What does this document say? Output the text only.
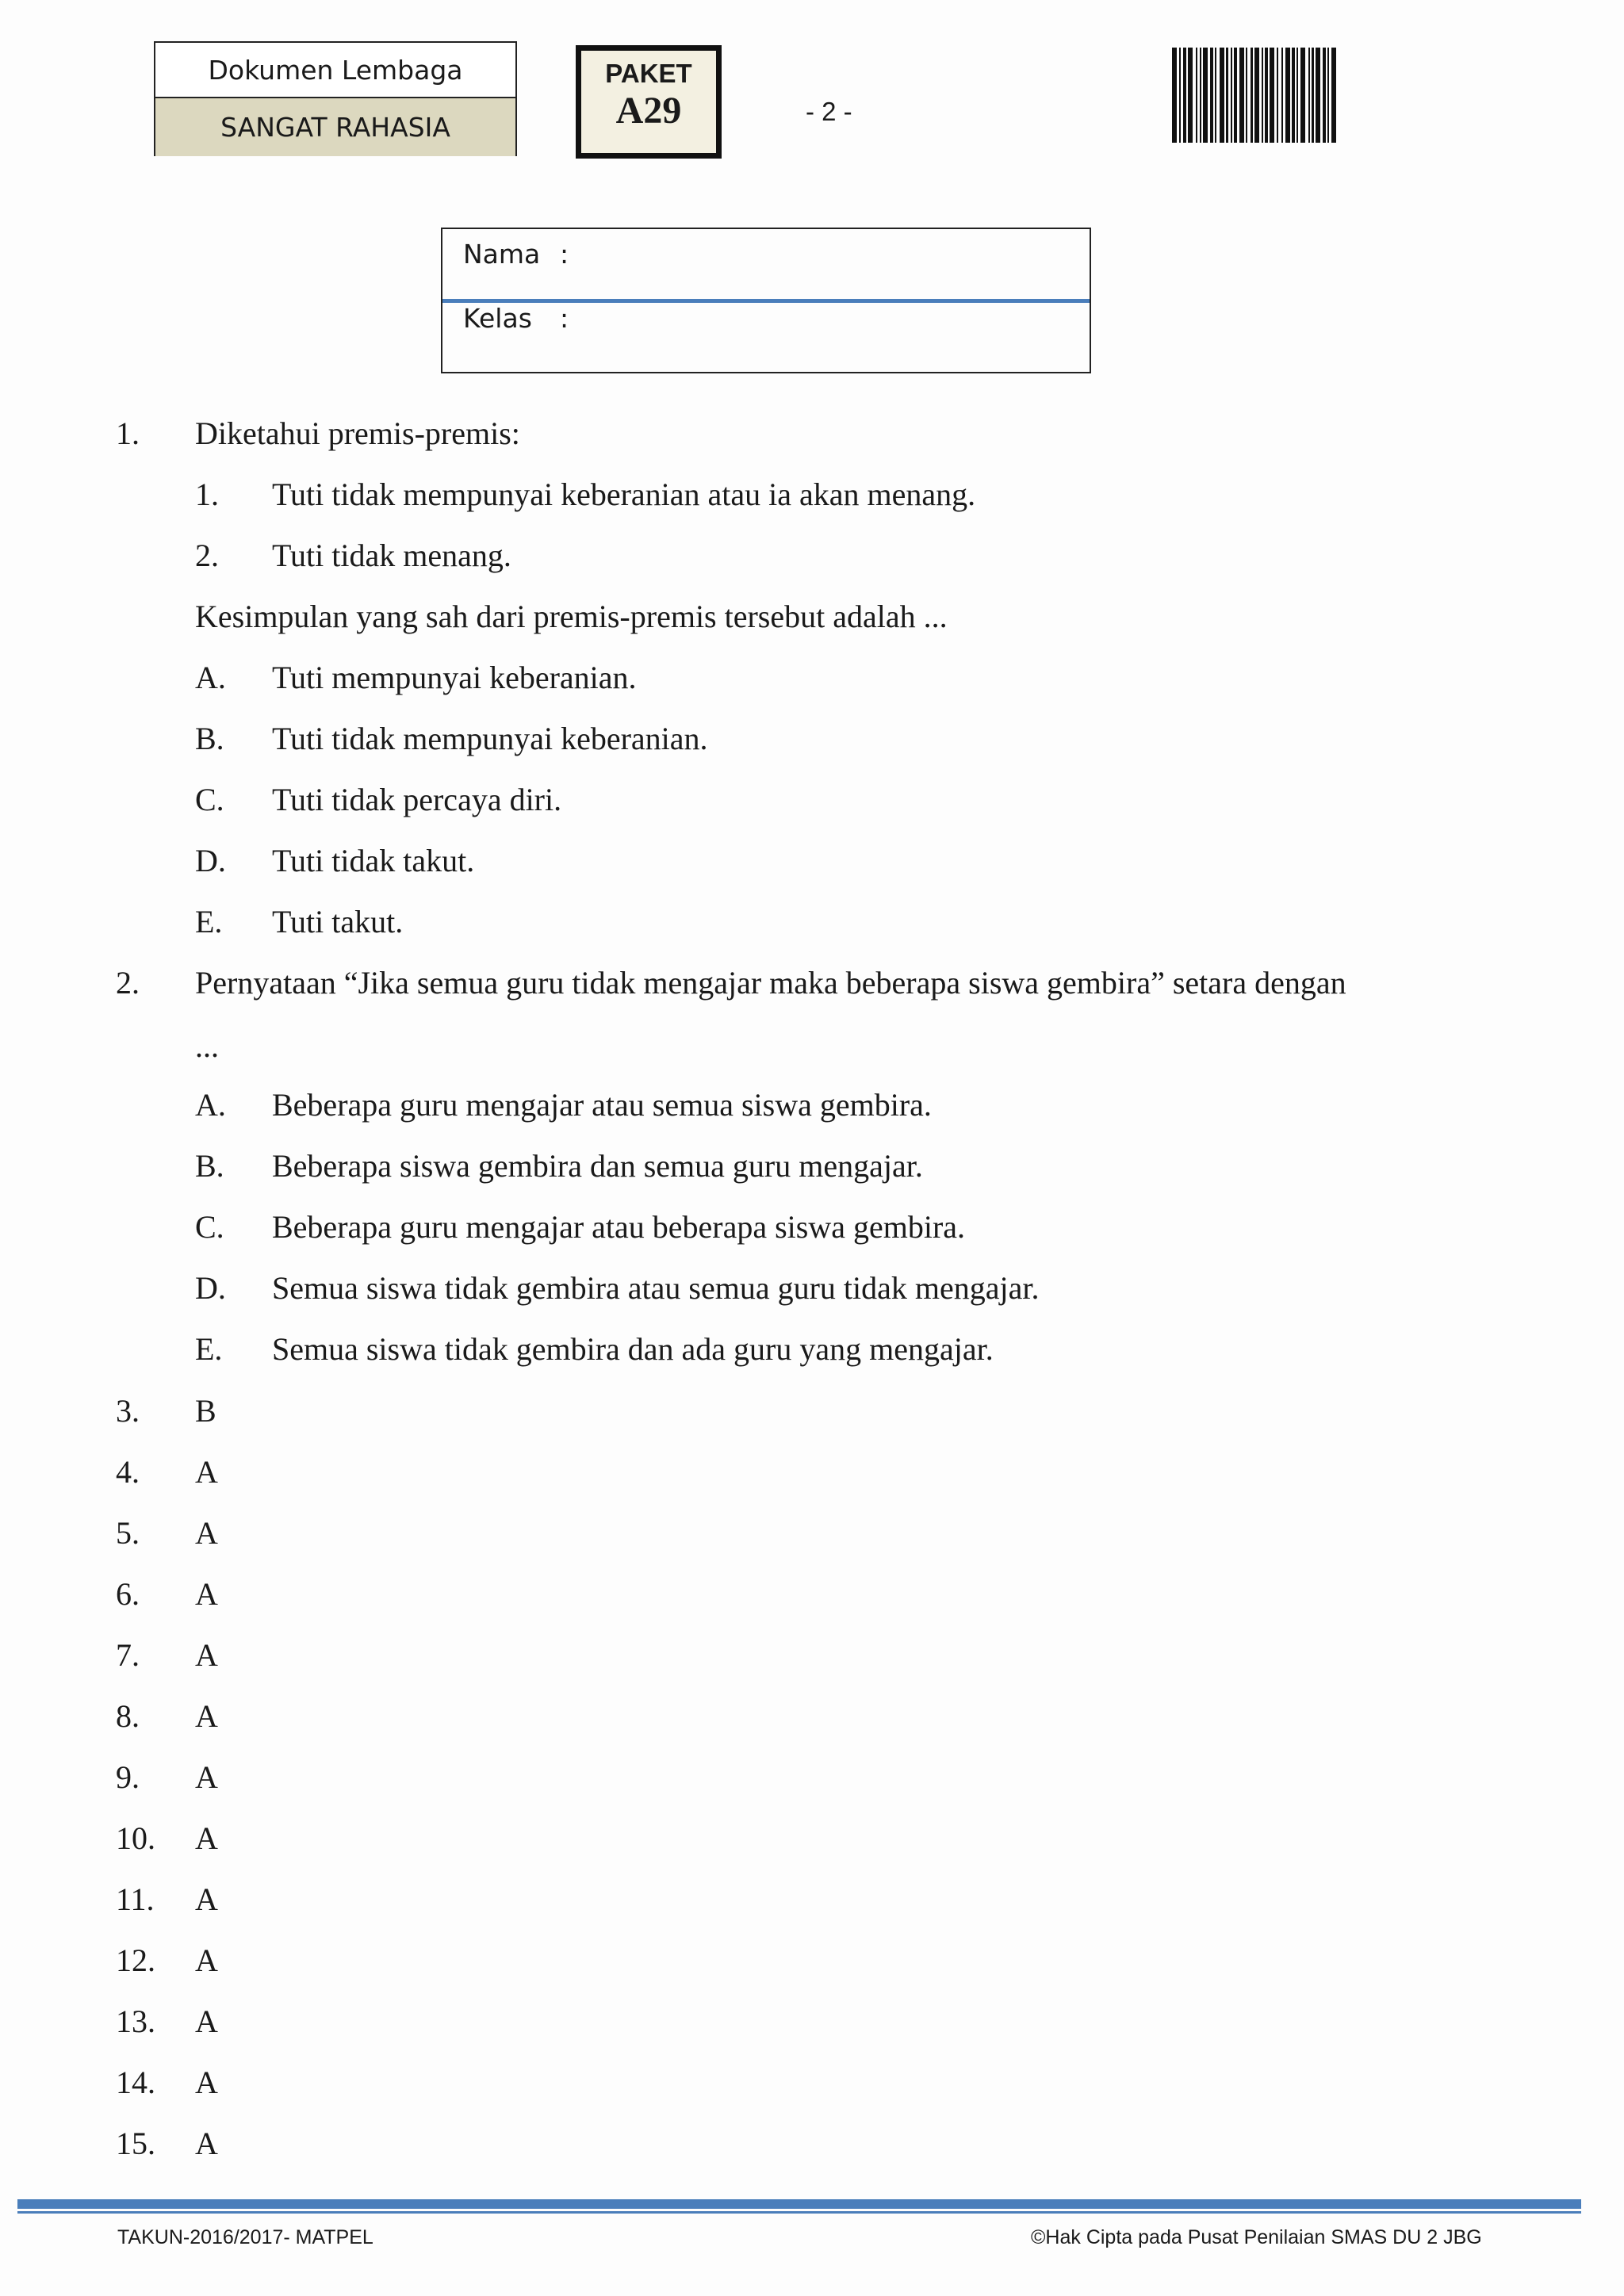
Dokumen Lembaga
SANGAT RAHASIA
PAKET
A29	- 2 -
Nama :
Kelas :
1. Diketahui premis-premis:
1. Tuti tidak mempunyai keberanian atau ia akan menang.
2. Tuti tidak menang.
Kesimpulan yang sah dari premis-premis tersebut adalah ...
A. Tuti mempunyai keberanian.
B. Tuti tidak mempunyai keberanian.
C. Tuti tidak percaya diri.
D. Tuti tidak takut.
E. Tuti takut.
2. Pernyataan “Jika semua guru tidak mengajar maka beberapa siswa gembira” setara dengan
...
A. Beberapa guru mengajar atau semua siswa gembira.
B. Beberapa siswa gembira dan semua guru mengajar.
C. Beberapa guru mengajar atau beberapa siswa gembira.
D. Semua siswa tidak gembira atau semua guru tidak mengajar.
E. Semua siswa tidak gembira dan ada guru yang mengajar.
3. B
4. A
5. A
6. A
7. A
8. A
9. A
10. A
11. A
12. A
13. A
14. A
15. A
TAKUN-2016/2017- MATPEL	©Hak Cipta pada Pusat Penilaian SMAS DU 2 JBG
